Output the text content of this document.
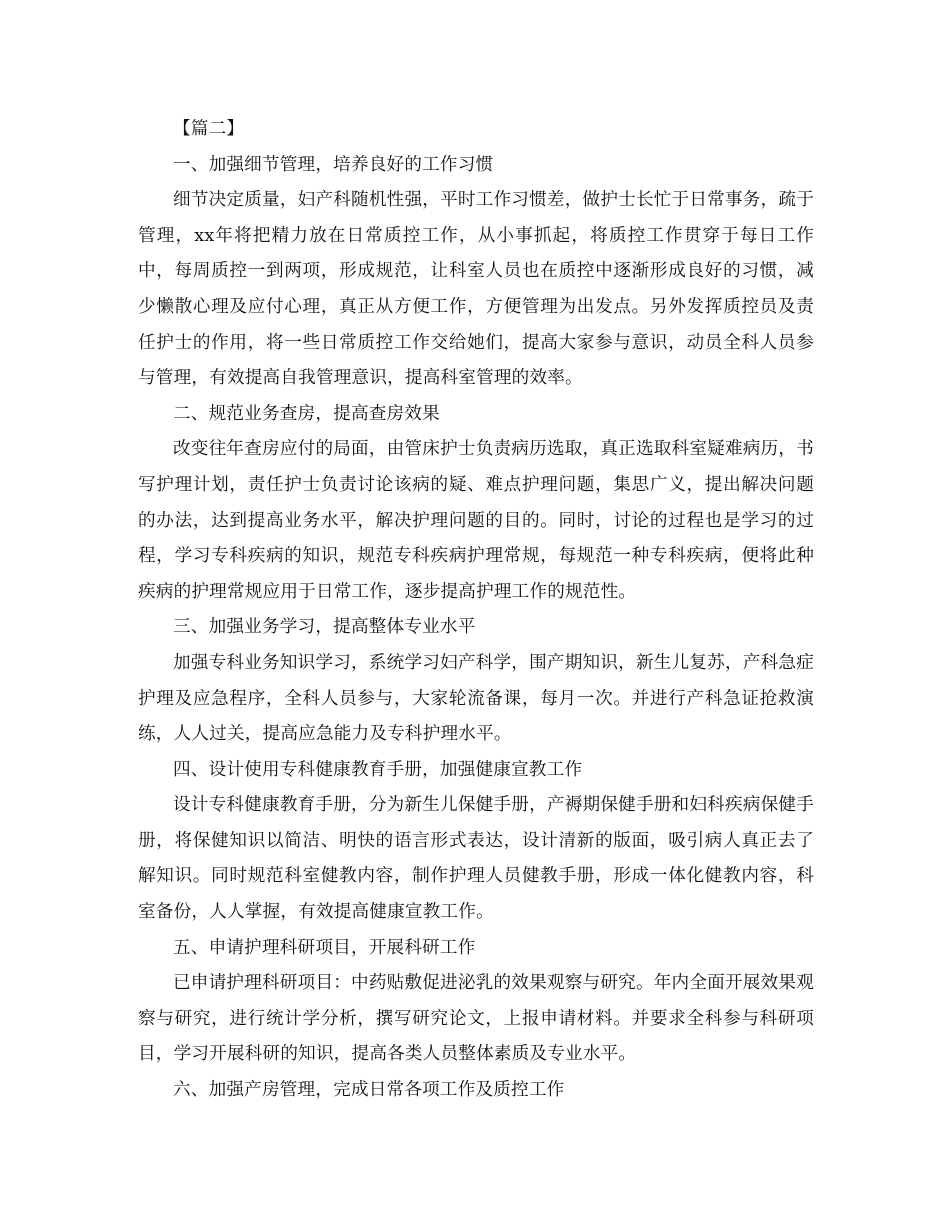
【篇二】

一、加强细节管理，培养良好的工作习惯

细节决定质量，妇产科随机性强，平时工作习惯差，做护士长忙于日常事务，疏于管理，xx年将把精力放在日常质控工作，从小事抓起，将质控工作贯穿于每日工作中，每周质控一到两项，形成规范，让科室人员也在质控中逐渐形成良好的习惯，减少懒散心理及应付心理，真正从方便工作，方便管理为出发点。另外发挥质控员及责任护士的作用，将一些日常质控工作交给她们，提高大家参与意识，动员全科人员参与管理，有效提高自我管理意识，提高科室管理的效率。

二、规范业务查房，提高查房效果

改变往年查房应付的局面，由管床护士负责病历选取，真正选取科室疑难病历，书写护理计划，责任护士负责讨论该病的疑、难点护理问题，集思广义，提出解决问题的办法，达到提高业务水平，解决护理问题的目的。同时，讨论的过程也是学习的过程，学习专科疾病的知识，规范专科疾病护理常规，每规范一种专科疾病，便将此种疾病的护理常规应用于日常工作，逐步提高护理工作的规范性。

三、加强业务学习，提高整体专业水平

加强专科业务知识学习，系统学习妇产科学，围产期知识，新生儿复苏，产科急症护理及应急程序，全科人员参与，大家轮流备课，每月一次。并进行产科急证抢救演练，人人过关，提高应急能力及专科护理水平。

四、设计使用专科健康教育手册，加强健康宣教工作

设计专科健康教育手册，分为新生儿保健手册，产褥期保健手册和妇科疾病保健手册，将保健知识以简洁、明快的语言形式表达，设计清新的版面，吸引病人真正去了解知识。同时规范科室健教内容，制作护理人员健教手册，形成一体化健教内容，科室备份，人人掌握，有效提高健康宣教工作。

五、申请护理科研项目，开展科研工作

已申请护理科研项目：中药贴敷促进泌乳的效果观察与研究。年内全面开展效果观察与研究，进行统计学分析，撰写研究论文，上报申请材料。并要求全科参与科研项目，学习开展科研的知识，提高各类人员整体素质及专业水平。

六、加强产房管理，完成日常各项工作及质控工作
